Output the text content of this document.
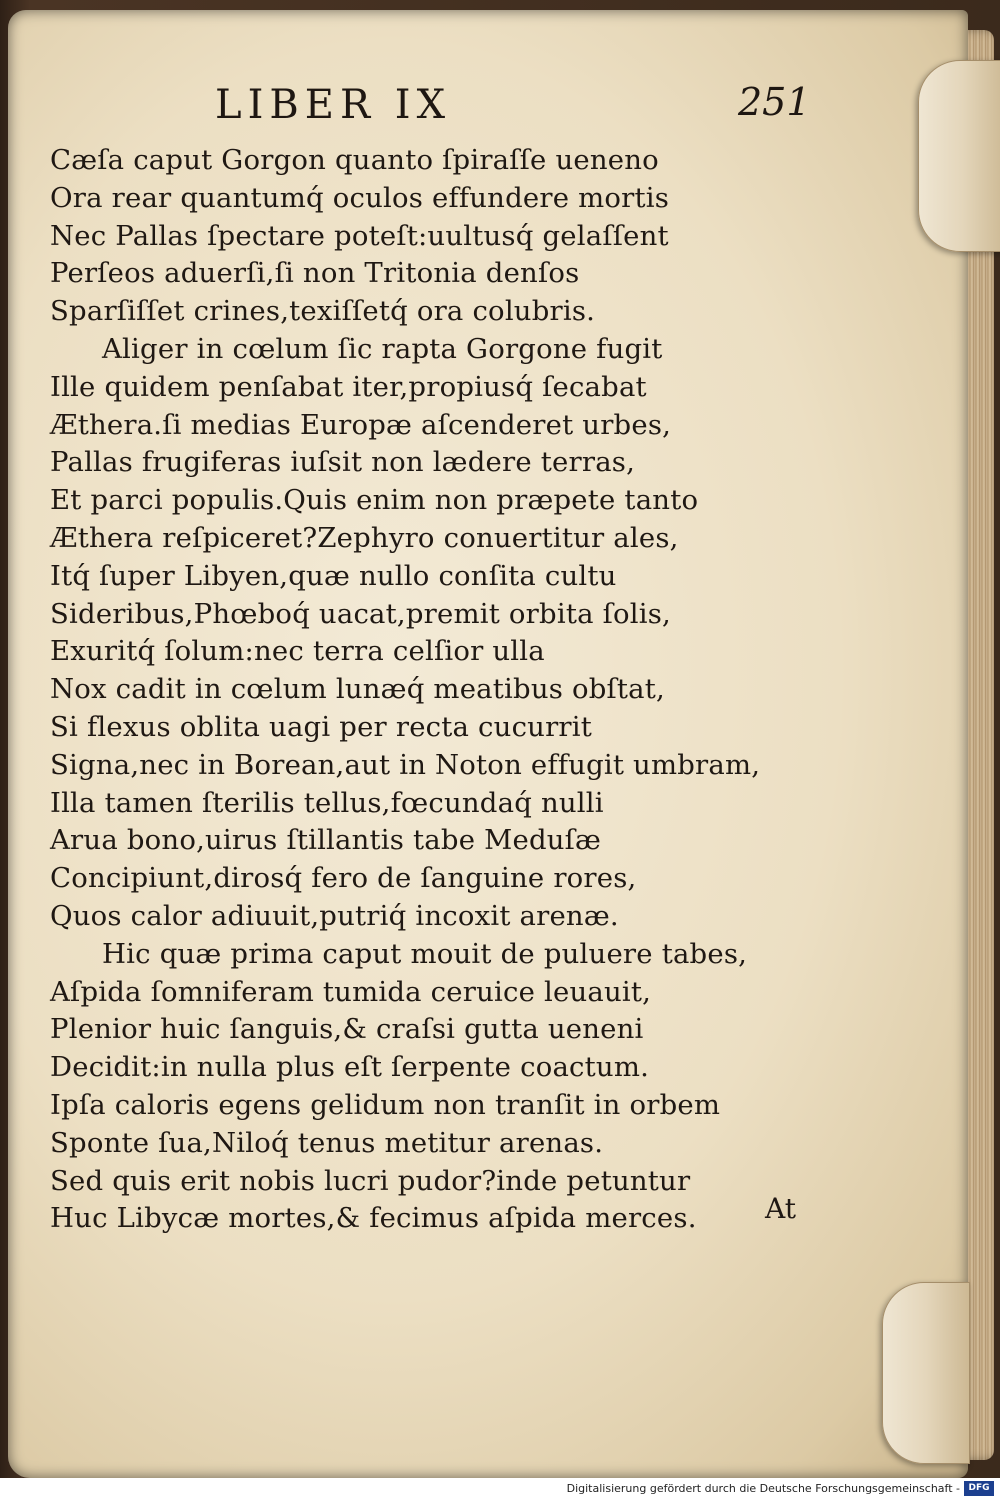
LIBER IX	251
Cæſa caput Gorgon quanto ſpiraſſe ueneno
Ora rear quantumq́ oculos effundere mortis
Nec Pallas ſpectare poteſt:uultusq́ gelaſſent
Perſeos aduerſi,ſi non Tritonia denſos
Sparſiſſet crines,texiſſetq́ ora colubris.
Aliger in cœlum ſic rapta Gorgone fugit
Ille quidem penſabat iter,propiusq́ ſecabat
Æthera.ſi medias Europæ aſcenderet urbes,
Pallas frugiferas iuſsit non lædere terras,
Et parci populis.Quis enim non præpete tanto
Æthera reſpiceret?Zephyro conuertitur ales,
Itq́ ſuper Libyen,quæ nullo conſita cultu
Sideribus,Phœboq́ uacat,premit orbita ſolis,
Exuritq́ ſolum:nec terra celſior ulla
Nox cadit in cœlum lunæq́ meatibus obſtat,
Si flexus oblita uagi per recta cucurrit
Signa,nec in Borean,aut in Noton effugit umbram,
Illa tamen ſterilis tellus,fœcundaq́ nulli
Arua bono,uirus ſtillantis tabe Meduſæ
Concipiunt,dirosq́ fero de ſanguine rores,
Quos calor adiuuit,putriq́ incoxit arenæ.
Hic quæ prima caput mouit de puluere tabes,
Aſpida ſomniferam tumida ceruice leuauit,
Plenior huic ſanguis,& craſsi gutta ueneni
Decidit:in nulla plus eſt ſerpente coactum.
Ipſa caloris egens gelidum non tranſit in orbem
Sponte ſua,Niloq́ tenus metitur arenas.
Sed quis erit nobis lucri pudor?inde petuntur
Huc Libycæ mortes,& fecimus aſpida merces.	At
Digitalisierung gefördert durch die Deutsche Forschungsgemeinschaft - DFG
